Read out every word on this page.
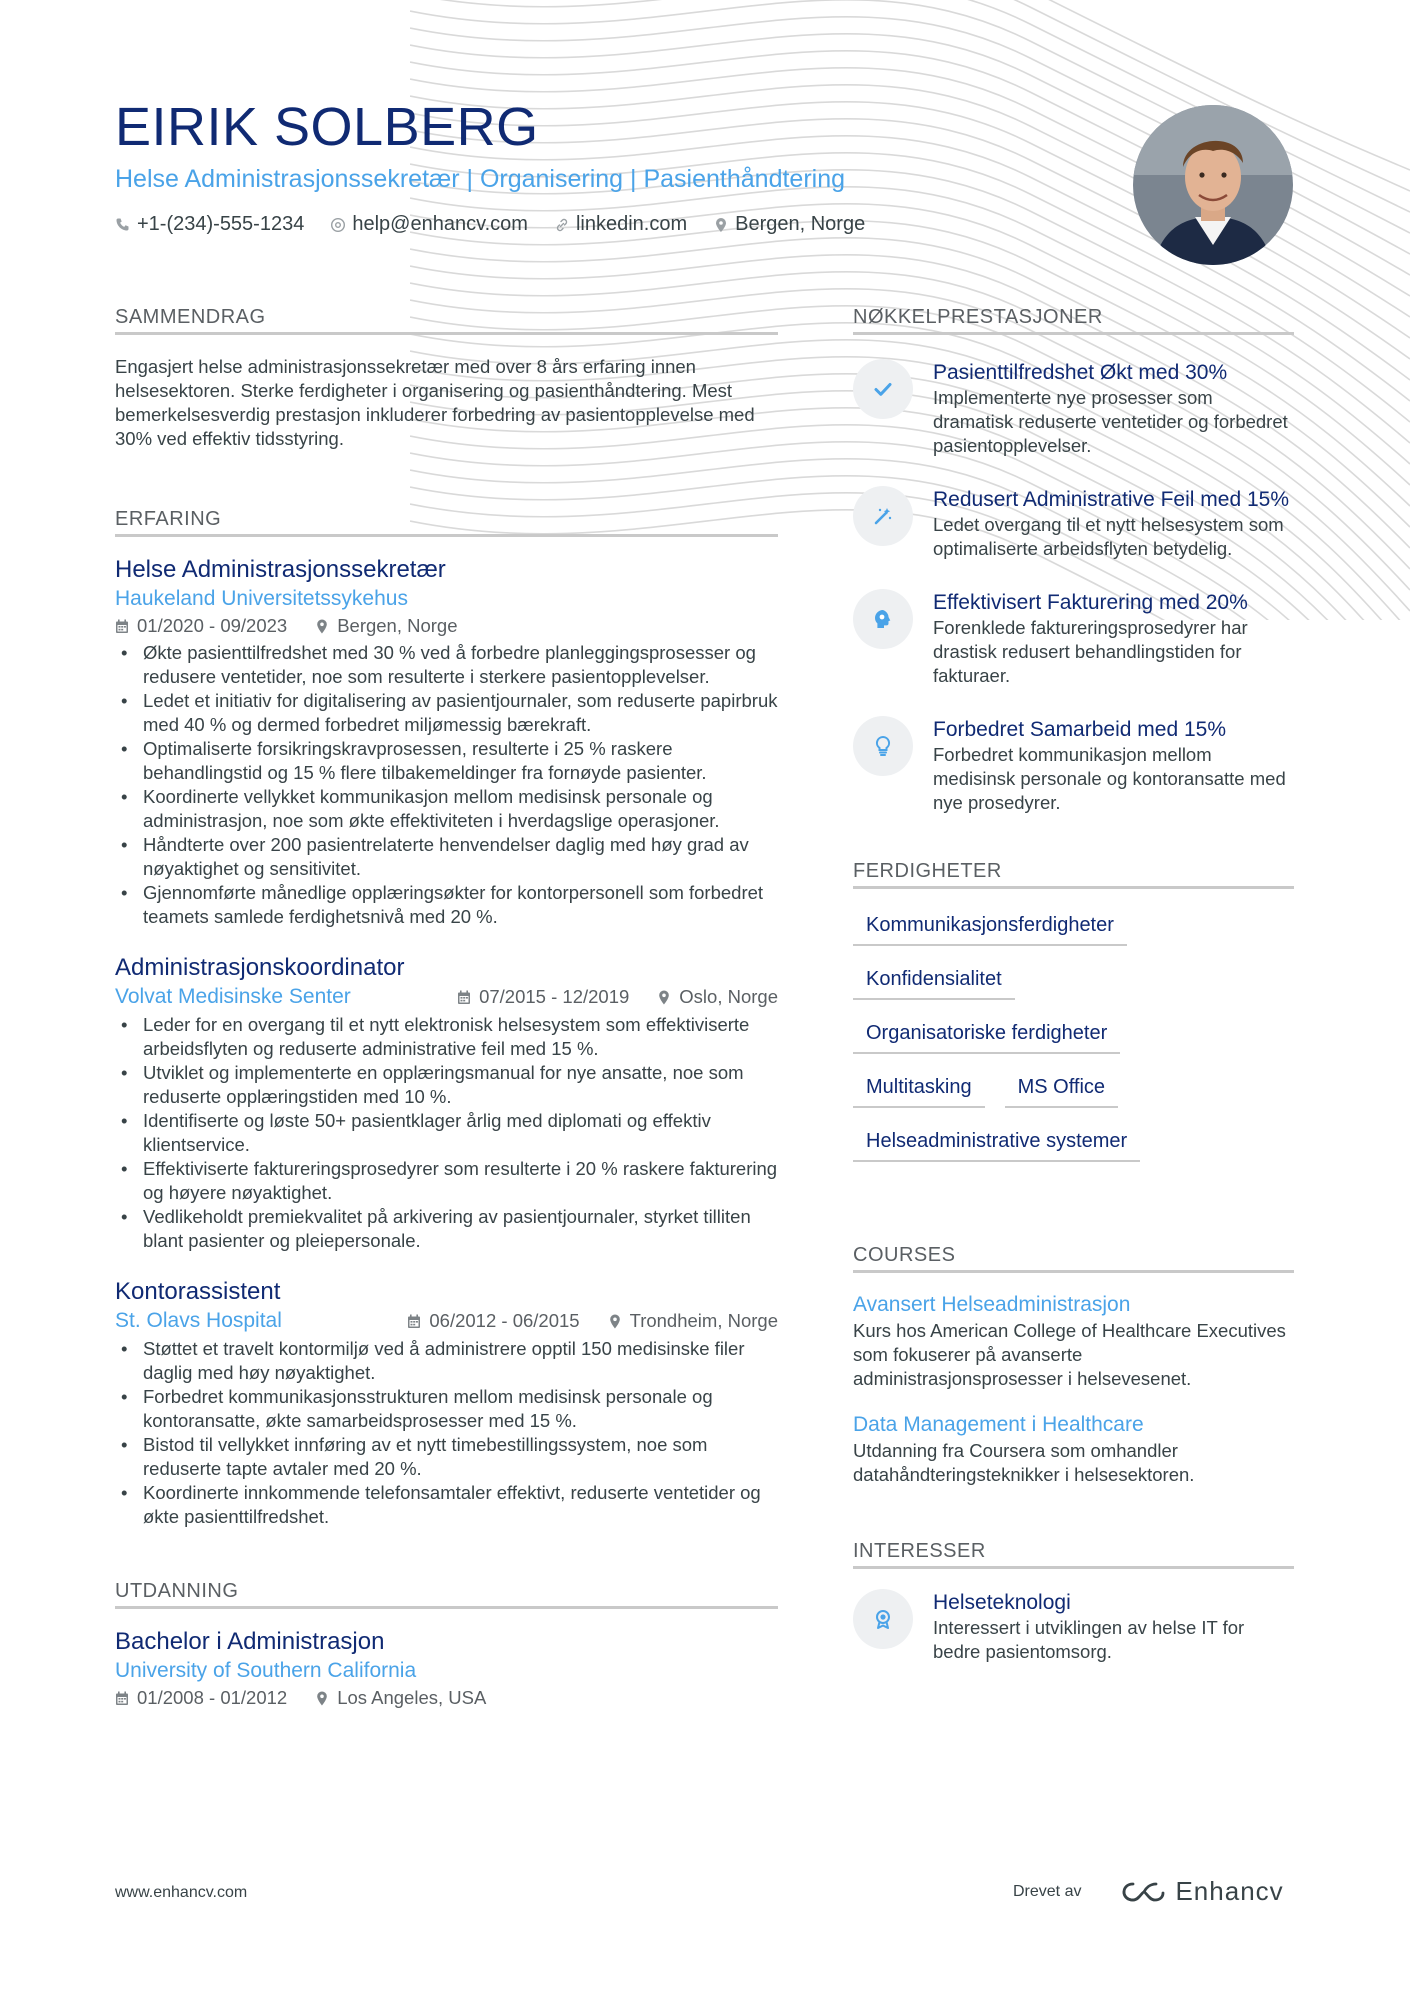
EIRIK SOLBERG
Helse Administrasjonssekretær | Organisering | Pasienthåndtering
+1-(234)-555-1234 help@enhancv.com linkedin.com Bergen, Norge
SAMMENDRAG

Engasjert helse administrasjonssekretær med over 8 års erfaring innen helsesektoren. Sterke ferdigheter i organisering og pasienthåndtering. Mest bemerkelsesverdig prestasjon inkluderer forbedring av pasientopplevelse med 30% ved effektiv tidsstyring.

ERFARING
Helse Administrasjonssekretær
Haukeland Universitetssykehus
01/2020 - 09/2023	Bergen, Norge
• Økte pasienttilfredshet med 30 % ved å forbedre planleggingsprosesser og redusere ventetider, noe som resulterte i sterkere pasientopplevelser.
• Ledet et initiativ for digitalisering av pasientjournaler, som reduserte papirbruk med 40 % og dermed forbedret miljømessig bærekraft.
• Optimaliserte forsikringskravprosessen, resulterte i 25 % raskere behandlingstid og 15 % flere tilbakemeldinger fra fornøyde pasienter.
• Koordinerte vellykket kommunikasjon mellom medisinsk personale og administrasjon, noe som økte effektiviteten i hverdagslige operasjoner.
• Håndterte over 200 pasientrelaterte henvendelser daglig med høy grad av nøyaktighet og sensitivitet.
• Gjennomførte månedlige opplæringsøkter for kontorpersonell som forbedret teamets samlede ferdighetsnivå med 20 %.
Administrasjonskoordinator
Volvat Medisinske Senter	07/2015 - 12/2019	Oslo, Norge
• Leder for en overgang til et nytt elektronisk helsesystem som effektiviserte arbeidsflyten og reduserte administrative feil med 15 %.
• Utviklet og implementerte en opplæringsmanual for nye ansatte, noe som reduserte opplæringstiden med 10 %.
• Identifiserte og løste 50+ pasientklager årlig med diplomati og effektiv klientservice.
• Effektiviserte faktureringsprosedyrer som resulterte i 20 % raskere fakturering og høyere nøyaktighet.
• Vedlikeholdt premiekvalitet på arkivering av pasientjournaler, styrket tilliten blant pasienter og pleiepersonale.
Kontorassistent
St. Olavs Hospital	06/2012 - 06/2015	Trondheim, Norge
• Støttet et travelt kontormiljø ved å administrere opptil 150 medisinske filer daglig med høy nøyaktighet.
• Forbedret kommunikasjonsstrukturen mellom medisinsk personale og kontoransatte, økte samarbeidsprosesser med 15 %.
• Bistod til vellykket innføring av et nytt timebestillingssystem, noe som reduserte tapte avtaler med 20 %.
• Koordinerte innkommende telefonsamtaler effektivt, reduserte ventetider og økte pasienttilfredshet.
UTDANNING
Bachelor i Administrasjon
University of Southern California
01/2008 - 01/2012	Los Angeles, USA
NØKKELPRESTASJONER
Pasienttilfredshet Økt med 30%
Implementerte nye prosesser som dramatisk reduserte ventetider og forbedret pasientopplevelser.
Redusert Administrative Feil med 15%
Ledet overgang til et nytt helsesystem som optimaliserte arbeidsflyten betydelig.
Effektivisert Fakturering med 20%
Forenklede faktureringsprosedyrer har drastisk redusert behandlingstiden for fakturaer.
Forbedret Samarbeid med 15%
Forbedret kommunikasjon mellom medisinsk personale og kontoransatte med nye prosedyrer.
FERDIGHETER
Kommunikasjonsferdigheter
Konfidensialitet
Organisatoriske ferdigheter
Multitasking	MS Office
Helseadministrative systemer
COURSES
Avansert Helseadministrasjon
Kurs hos American College of Healthcare Executives som fokuserer på avanserte administrasjonsprosesser i helsevesenet.
Data Management i Healthcare
Utdanning fra Coursera som omhandler datahåndteringsteknikker i helsesektoren.
INTERESSER
Helseteknologi
Interessert i utviklingen av helse IT for bedre pasientomsorg.
www.enhancv.com	Drevet av	Enhancv
